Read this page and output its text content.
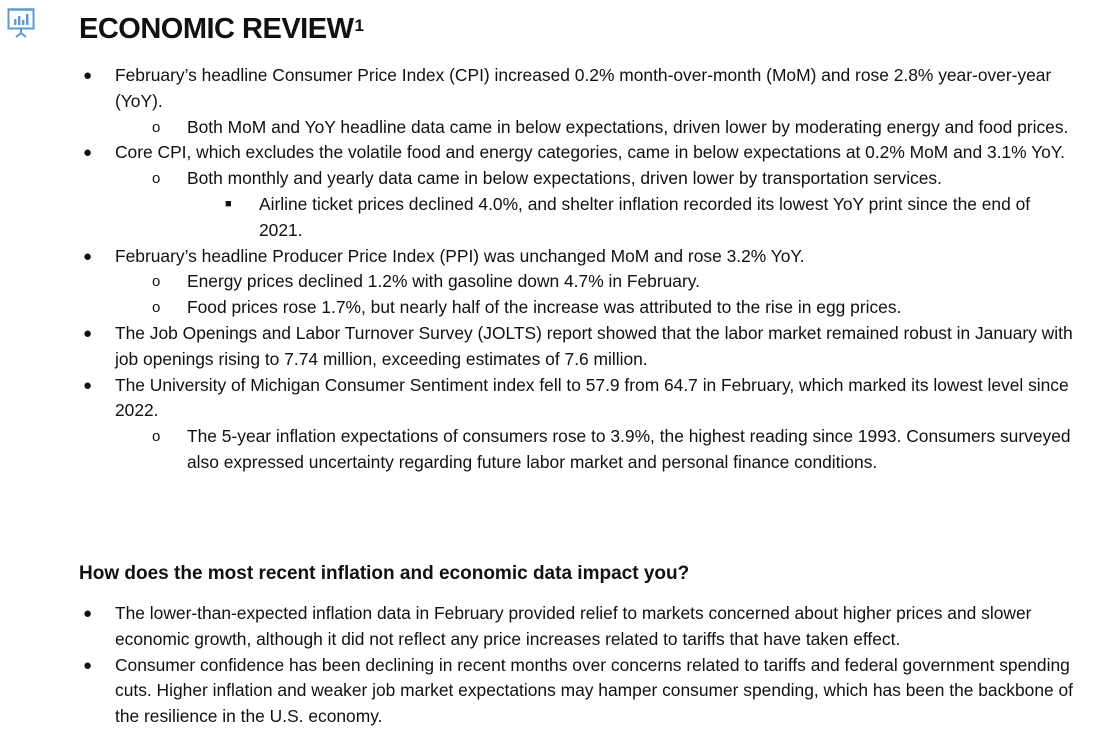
ECONOMIC REVIEW$^1$
● February’s headline Consumer Price Index (CPI) increased 0.2% month-over-month (MoM) and rose 2.8% year-over-year (YoY).
o Both MoM and YoY headline data came in below expectations, driven lower by moderating energy and food prices.
● Core CPI, which excludes the volatile food and energy categories, came in below expectations at 0.2% MoM and 3.1% YoY.
o Both monthly and yearly data came in below expectations, driven lower by transportation services.
■ Airline ticket prices declined 4.0%, and shelter inflation recorded its lowest YoY print since the end of 2021.
● February’s headline Producer Price Index (PPI) was unchanged MoM and rose 3.2% YoY.
o Energy prices declined 1.2% with gasoline down 4.7% in February.
o Food prices rose 1.7%, but nearly half of the increase was attributed to the rise in egg prices.
● The Job Openings and Labor Turnover Survey (JOLTS) report showed that the labor market remained robust in January with job openings rising to 7.74 million, exceeding estimates of 7.6 million.
● The University of Michigan Consumer Sentiment index fell to 57.9 from 64.7 in February, which marked its lowest level since 2022.
o The 5-year inflation expectations of consumers rose to 3.9%, the highest reading since 1993. Consumers surveyed also expressed uncertainty regarding future labor market and personal finance conditions.
How does the most recent inflation and economic data impact you?
● The lower-than-expected inflation data in February provided relief to markets concerned about higher prices and slower economic growth, although it did not reflect any price increases related to tariffs that have taken effect.
● Consumer confidence has been declining in recent months over concerns related to tariffs and federal government spending cuts. Higher inflation and weaker job market expectations may hamper consumer spending, which has been the backbone of the resilience in the U.S. economy.
